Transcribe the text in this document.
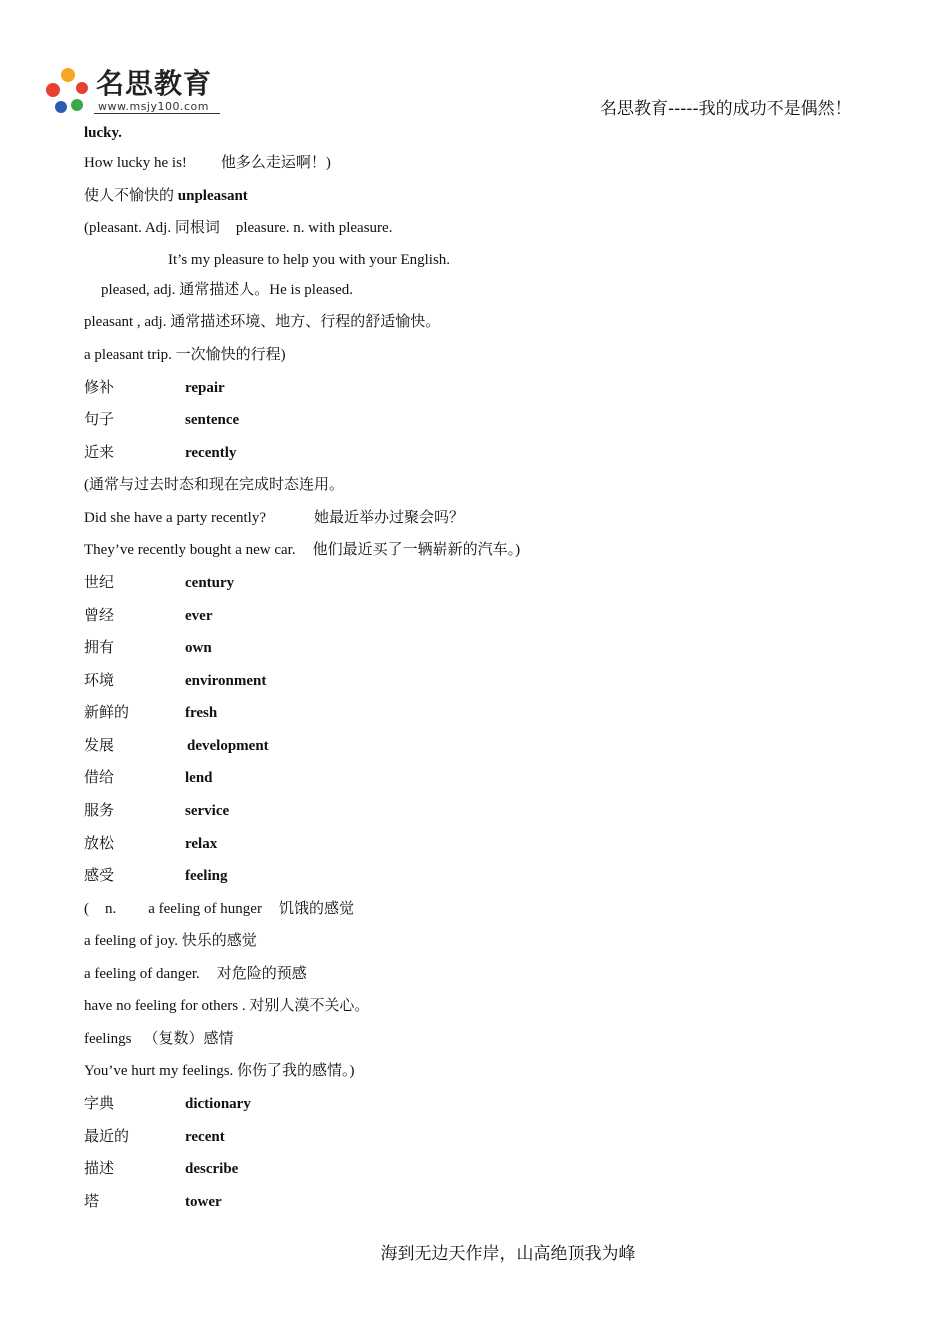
名思教育
www.msjy100.com	名思教育-----我的成功不是偶然！
lucky.
How lucky he is! 他多么走运啊！)
使人不愉快的 unpleasant
(pleasant. Adj. 同根词 pleasure. n. with pleasure.
It’s my pleasure to help you with your English.
pleased, adj. 通常描述人。He is pleased.
pleasant , adj. 通常描述环境、地方、行程的舒适愉快。
a pleasant trip. 一次愉快的行程)
修补	repair
句子	sentence
近来	recently
(通常与过去时态和现在完成时态连用。
Did she have a party recently?	她最近举办过聚会吗？
They’ve recently bought a new car. 他们最近买了一辆崭新的汽车。)
世纪	century
曾经	ever
拥有	own
环境	environment
新鲜的	fresh
发展	development
借给	lend
服务	service
放松	relax
感受	feeling
( n. a feeling of hunger 饥饿的感觉
a feeling of joy. 快乐的感觉
a feeling of danger. 对危险的预感
have no feeling for others . 对别人漠不关心。
feelings （复数）感情
You’ve hurt my feelings. 你伤了我的感情。)
字典	dictionary
最近的	recent
描述	describe
塔	tower
海到无边天作岸，山高绝顶我为峰
